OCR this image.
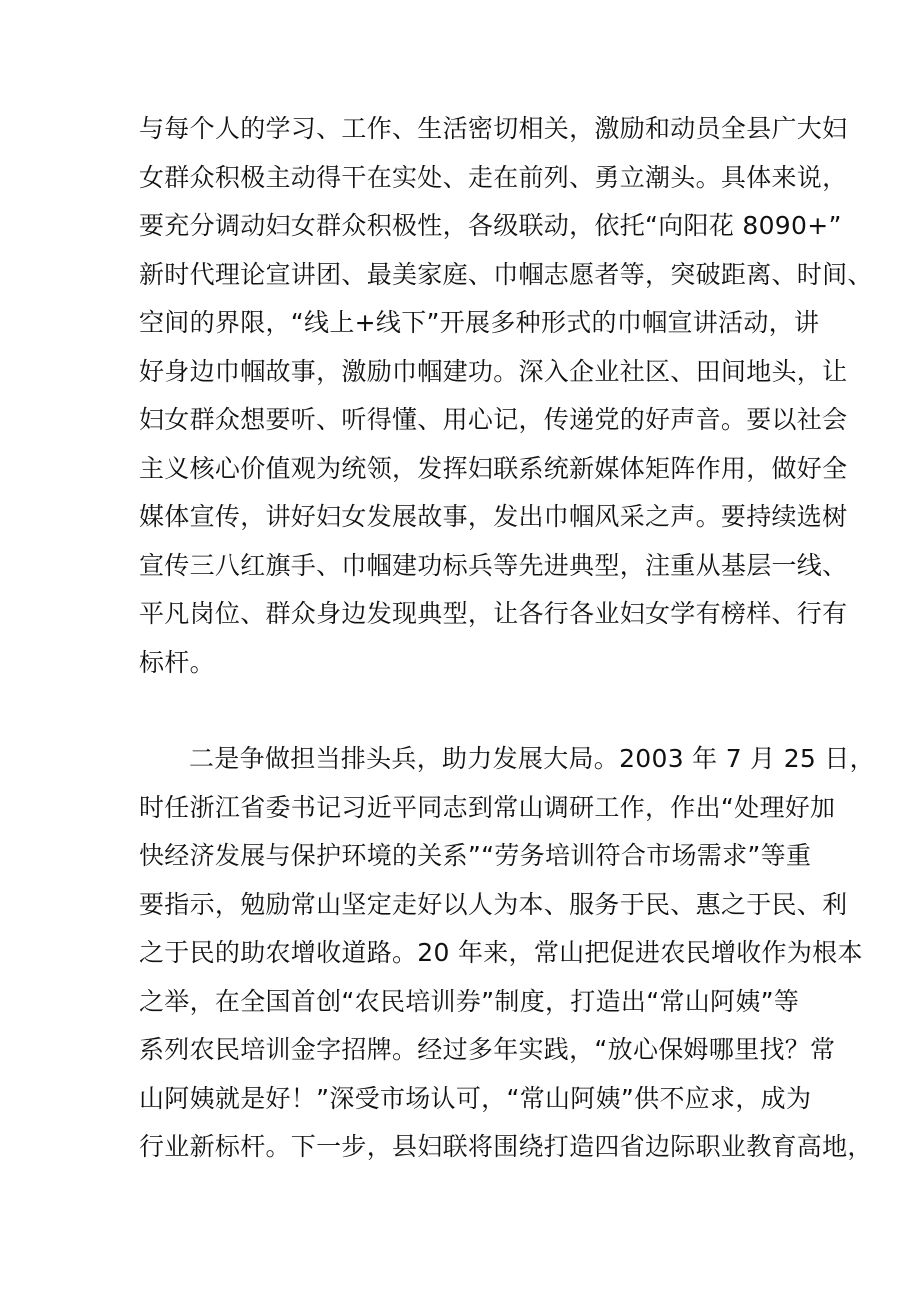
与每个人的学习、工作、生活密切相关，激励和动员全县广大妇
女群众积极主动得干在实处、走在前列、勇立潮头。具体来说，
要充分调动妇女群众积极性，各级联动，依托“向阳花 8090+”
新时代理论宣讲团、最美家庭、巾帼志愿者等，突破距离、时间、
空间的界限，“线上+线下”开展多种形式的巾帼宣讲活动，讲
好身边巾帼故事，激励巾帼建功。深入企业社区、田间地头，让
妇女群众想要听、听得懂、用心记，传递党的好声音。要以社会
主义核心价值观为统领，发挥妇联系统新媒体矩阵作用，做好全
媒体宣传，讲好妇女发展故事，发出巾帼风采之声。要持续选树
宣传三八红旗手、巾帼建功标兵等先进典型，注重从基层一线、
平凡岗位、群众身边发现典型，让各行各业妇女学有榜样、行有
标杆。
二是争做担当排头兵，助力发展大局。2003 年 7 月 25 日，
时任浙江省委书记习近平同志到常山调研工作，作出“处理好加
快经济发展与保护环境的关系”“劳务培训符合市场需求”等重
要指示，勉励常山坚定走好以人为本、服务于民、惠之于民、利
之于民的助农增收道路。20 年来，常山把促进农民增收作为根本
之举，在全国首创“农民培训券”制度，打造出“常山阿姨”等
系列农民培训金字招牌。经过多年实践，“放心保姆哪里找？常
山阿姨就是好！”深受市场认可，“常山阿姨”供不应求，成为
行业新标杆。下一步，县妇联将围绕打造四省边际职业教育高地，
